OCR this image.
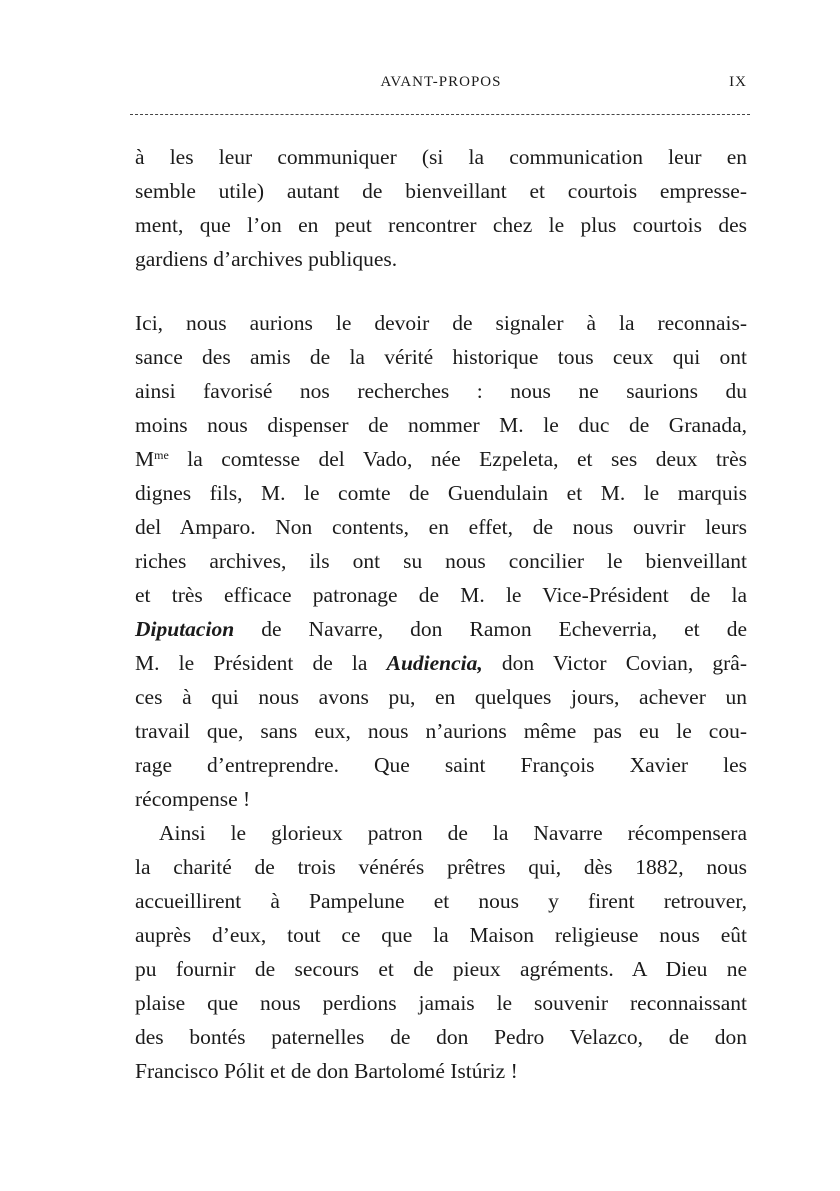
AVANT-PROPOS	IX
à les leur communiquer (si la communication leur en
semble utile) autant de bienveillant et courtois empresse-
ment, que l’on en peut rencontrer chez le plus courtois des
gardiens d’archives publiques.
Ici, nous aurions le devoir de signaler à la reconnais-
sance des amis de la vérité historique tous ceux qui ont
ainsi favorisé nos recherches : nous ne saurions du
moins nous dispenser de nommer M. le duc de Granada,
$M^{me}$ la comtesse del Vado, née Ezpeleta, et ses deux très
dignes fils, M. le comte de Guendulain et M. le marquis
del Amparo. Non contents, en effet, de nous ouvrir leurs
riches archives, ils ont su nous concilier le bienveillant
et très efficace patronage de M. le Vice-Président de la
Diputacion de Navarre, don Ramon Echeverria, et de
M. le Président de la Audiencia, don Victor Covian, grâ-
ces à qui nous avons pu, en quelques jours, achever un
travail que, sans eux, nous n’aurions même pas eu le cou-
rage d’entreprendre. Que saint François Xavier les
récompense !
Ainsi le glorieux patron de la Navarre récompensera
la charité de trois vénérés prêtres qui, dès 1882, nous
accueillirent à Pampelune et nous y firent retrouver,
auprès d’eux, tout ce que la Maison religieuse nous eût
pu fournir de secours et de pieux agréments. A Dieu ne
plaise que nous perdions jamais le souvenir reconnaissant
des bontés paternelles de don Pedro Velazco, de don
Francisco Pólit et de don Bartolomé Istúriz !
